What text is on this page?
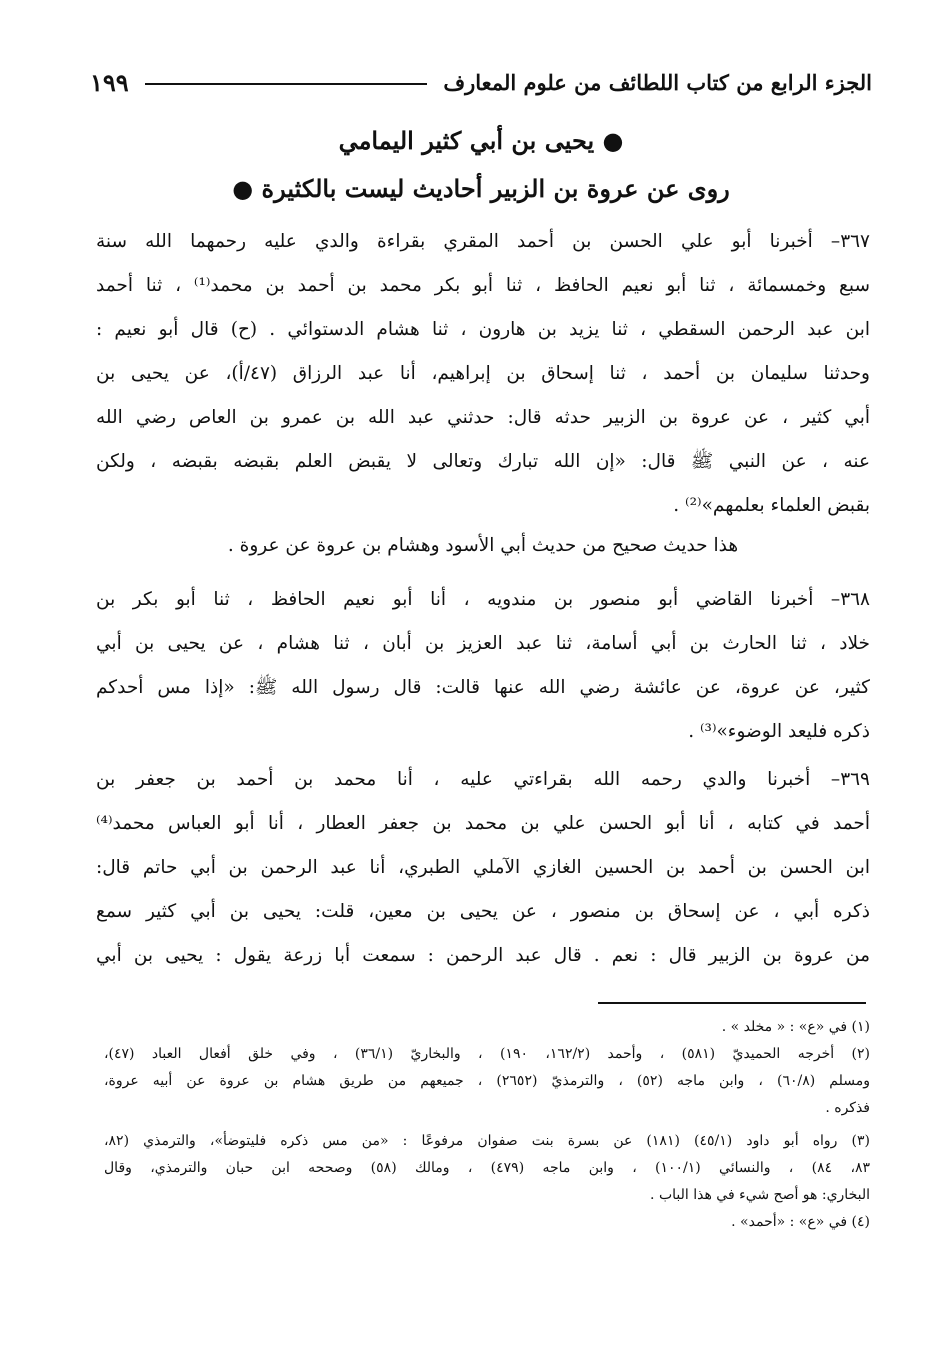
الجزء الرابع من كتاب اللطائف من علوم المعارف
١٩٩
● يحيى بن أبي كثير اليمامي
روى عن عروة بن الزبير أحاديث ليست بالكثيرة ●
٣٦٧– أخبرنا أبو علي الحسن بن أحمد المقري بقراءة والدي عليه رحمهما الله سنة
سبع وخمسمائة ، ثنا أبو نعيم الحافظ ، ثنا أبو بكر محمد بن أحمد بن محمد⁽¹⁾ ، ثنا أحمد
ابن عبد الرحمن السقطي ، ثنا يزيد بن هارون ، ثنا هشام الدستوائي . (ح) قال أبو نعيم :
وحدثنا سليمان بن أحمد ، ثنا إسحاق بن إبراهيم، أنا عبد الرزاق (٤٧/أ)، عن يحيى بن
أبي كثير ، عن عروة بن الزبير حدثه قال: حدثني عبد الله بن عمرو بن العاص رضي الله
عنه ، عن النبي ﷺ قال: «إن الله تبارك وتعالى لا يقبض العلم بقبضه بقبضه ، ولكن
بقبض العلماء بعلمهم»⁽²⁾ .
هذا حديث صحيح من حديث أبي الأسود وهشام بن عروة عن عروة .
٣٦٨– أخبرنا القاضي أبو منصور بن مندويه ، أنا أبو نعيم الحافظ ، ثنا أبو بكر بن
خلاد ، ثنا الحارث بن أبي أسامة، ثنا عبد العزيز بن أبان ، ثنا هشام ، عن يحيى بن أبي
كثير، عن عروة، عن عائشة رضي الله عنها قالت: قال رسول الله ﷺ: «إذا مس أحدكم
ذكره فليعد الوضوء»⁽³⁾ .
٣٦٩– أخبرنا والدي رحمه الله بقراءتي عليه ، أنا محمد بن أحمد بن جعفر بن
أحمد في كتابه ، أنا أبو الحسن علي بن محمد بن جعفر العطار ، أنا أبو العباس محمد⁽⁴⁾
ابن الحسن بن أحمد بن الحسين الغازي الآملي الطبري، أنا عبد الرحمن بن أبي حاتم قال:
ذكره أبي ، عن إسحاق بن منصور ، عن يحيى بن معين، قلت: يحيى بن أبي كثير سمع
من عروة بن الزبير قال : نعم . قال عبد الرحمن : سمعت أبا زرعة يقول : يحيى بن أبي
(١) في «ع» : « مخلد » .
(٢) أخرجه الحميديّ (٥٨١) ، وأحمد (١٦٢/٢، ١٩٠) ، والبخاريّ (٣٦/١) ، وفي خلق أفعال العباد (٤٧)،
ومسلم (٦٠/٨) ، وابن ماجه (٥٢) ، والترمذيّ (٢٦٥٢) ، جميعهم من طريق هشام بن عروة عن أبيه عروة،
فذكره .
(٣) رواه أبو داود (٤٥/١) (١٨١) عن بسرة بنت صفوان مرفوعًا : «من مس ذكره فليتوضأ»، والترمذي (٨٢،
٨٣، ٨٤) ، والنسائي (١٠٠/١) ، وابن ماجه (٤٧٩) ، ومالك (٥٨) وصححه ابن حبان والترمذي، وقال
البخاري: هو أصح شيء في هذا الباب .
(٤) في «ع» : «أحمد» .
